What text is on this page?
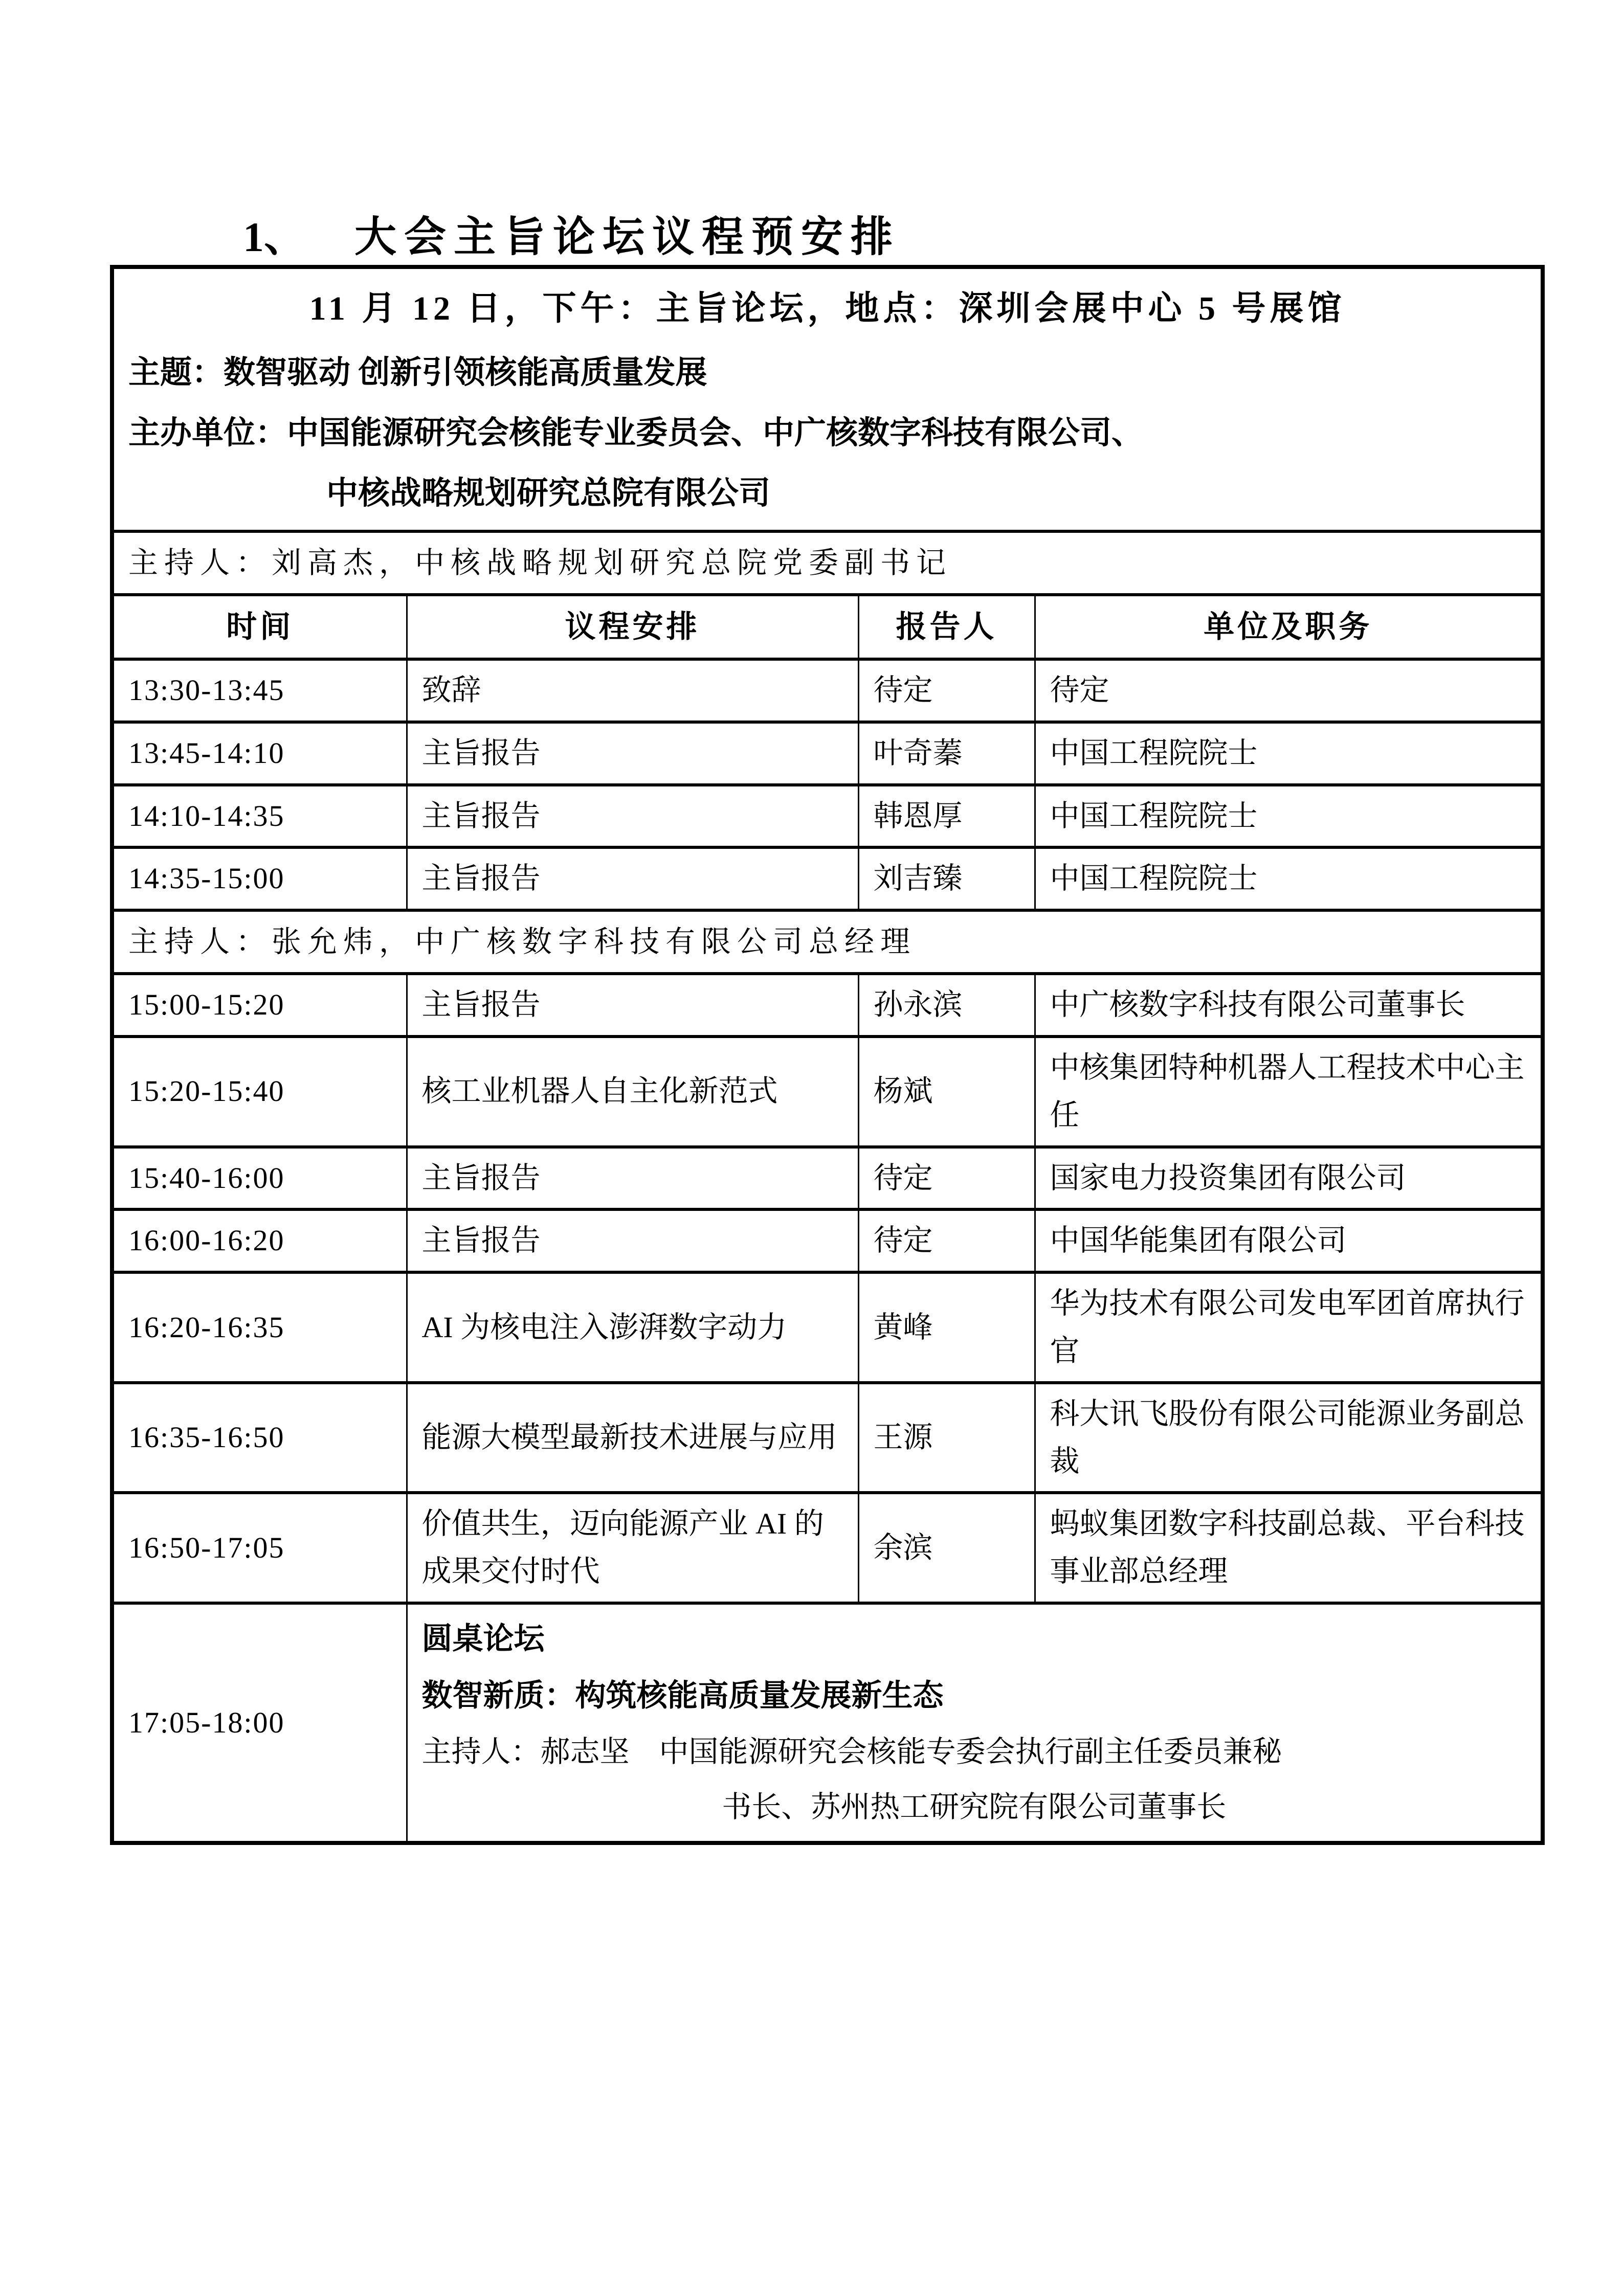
1、 大会主旨论坛议程预安排
11 月 12 日，下午：主旨论坛，地点：深圳会展中心 5 号展馆
主题：数智驱动 创新引领核能高质量发展
主办单位：中国能源研究会核能专业委员会、中广核数字科技有限公司、
中核战略规划研究总院有限公司			

主持人：刘高杰，中核战略规划研究总院党委副书记			
时间	议程安排	报告人	单位及职务
13:30-13:45	致辞	待定	待定
13:45-14:10	主旨报告	叶奇蓁	中国工程院院士
14:10-14:35	主旨报告	韩恩厚	中国工程院院士
14:35-15:00	主旨报告	刘吉臻	中国工程院院士
主持人：张允炜，中广核数字科技有限公司总经理			
15:00-15:20	主旨报告	孙永滨	中广核数字科技有限公司董事长
15:20-15:40	核工业机器人自主化新范式	杨斌	中核集团特种机器人工程技术中心主任
15:40-16:00	主旨报告	待定	国家电力投资集团有限公司
16:00-16:20	主旨报告	待定	中国华能集团有限公司
16:20-16:35	AI 为核电注入澎湃数字动力	黄峰	华为技术有限公司发电军团首席执行官
16:35-16:50	能源大模型最新技术进展与应用	王源	科大讯飞股份有限公司能源业务副总裁
16:50-17:05	价值共生，迈向能源产业 AI 的成果交付时代	余滨	蚂蚁集团数字科技副总裁、平台科技事业部总经理
17:05-18:00	圆桌论坛
数智新质：构筑核能高质量发展新生态
主持人：郝志坚　中国能源研究会核能专委会执行副主任委员兼秘
书长、苏州热工研究院有限公司董事长		
